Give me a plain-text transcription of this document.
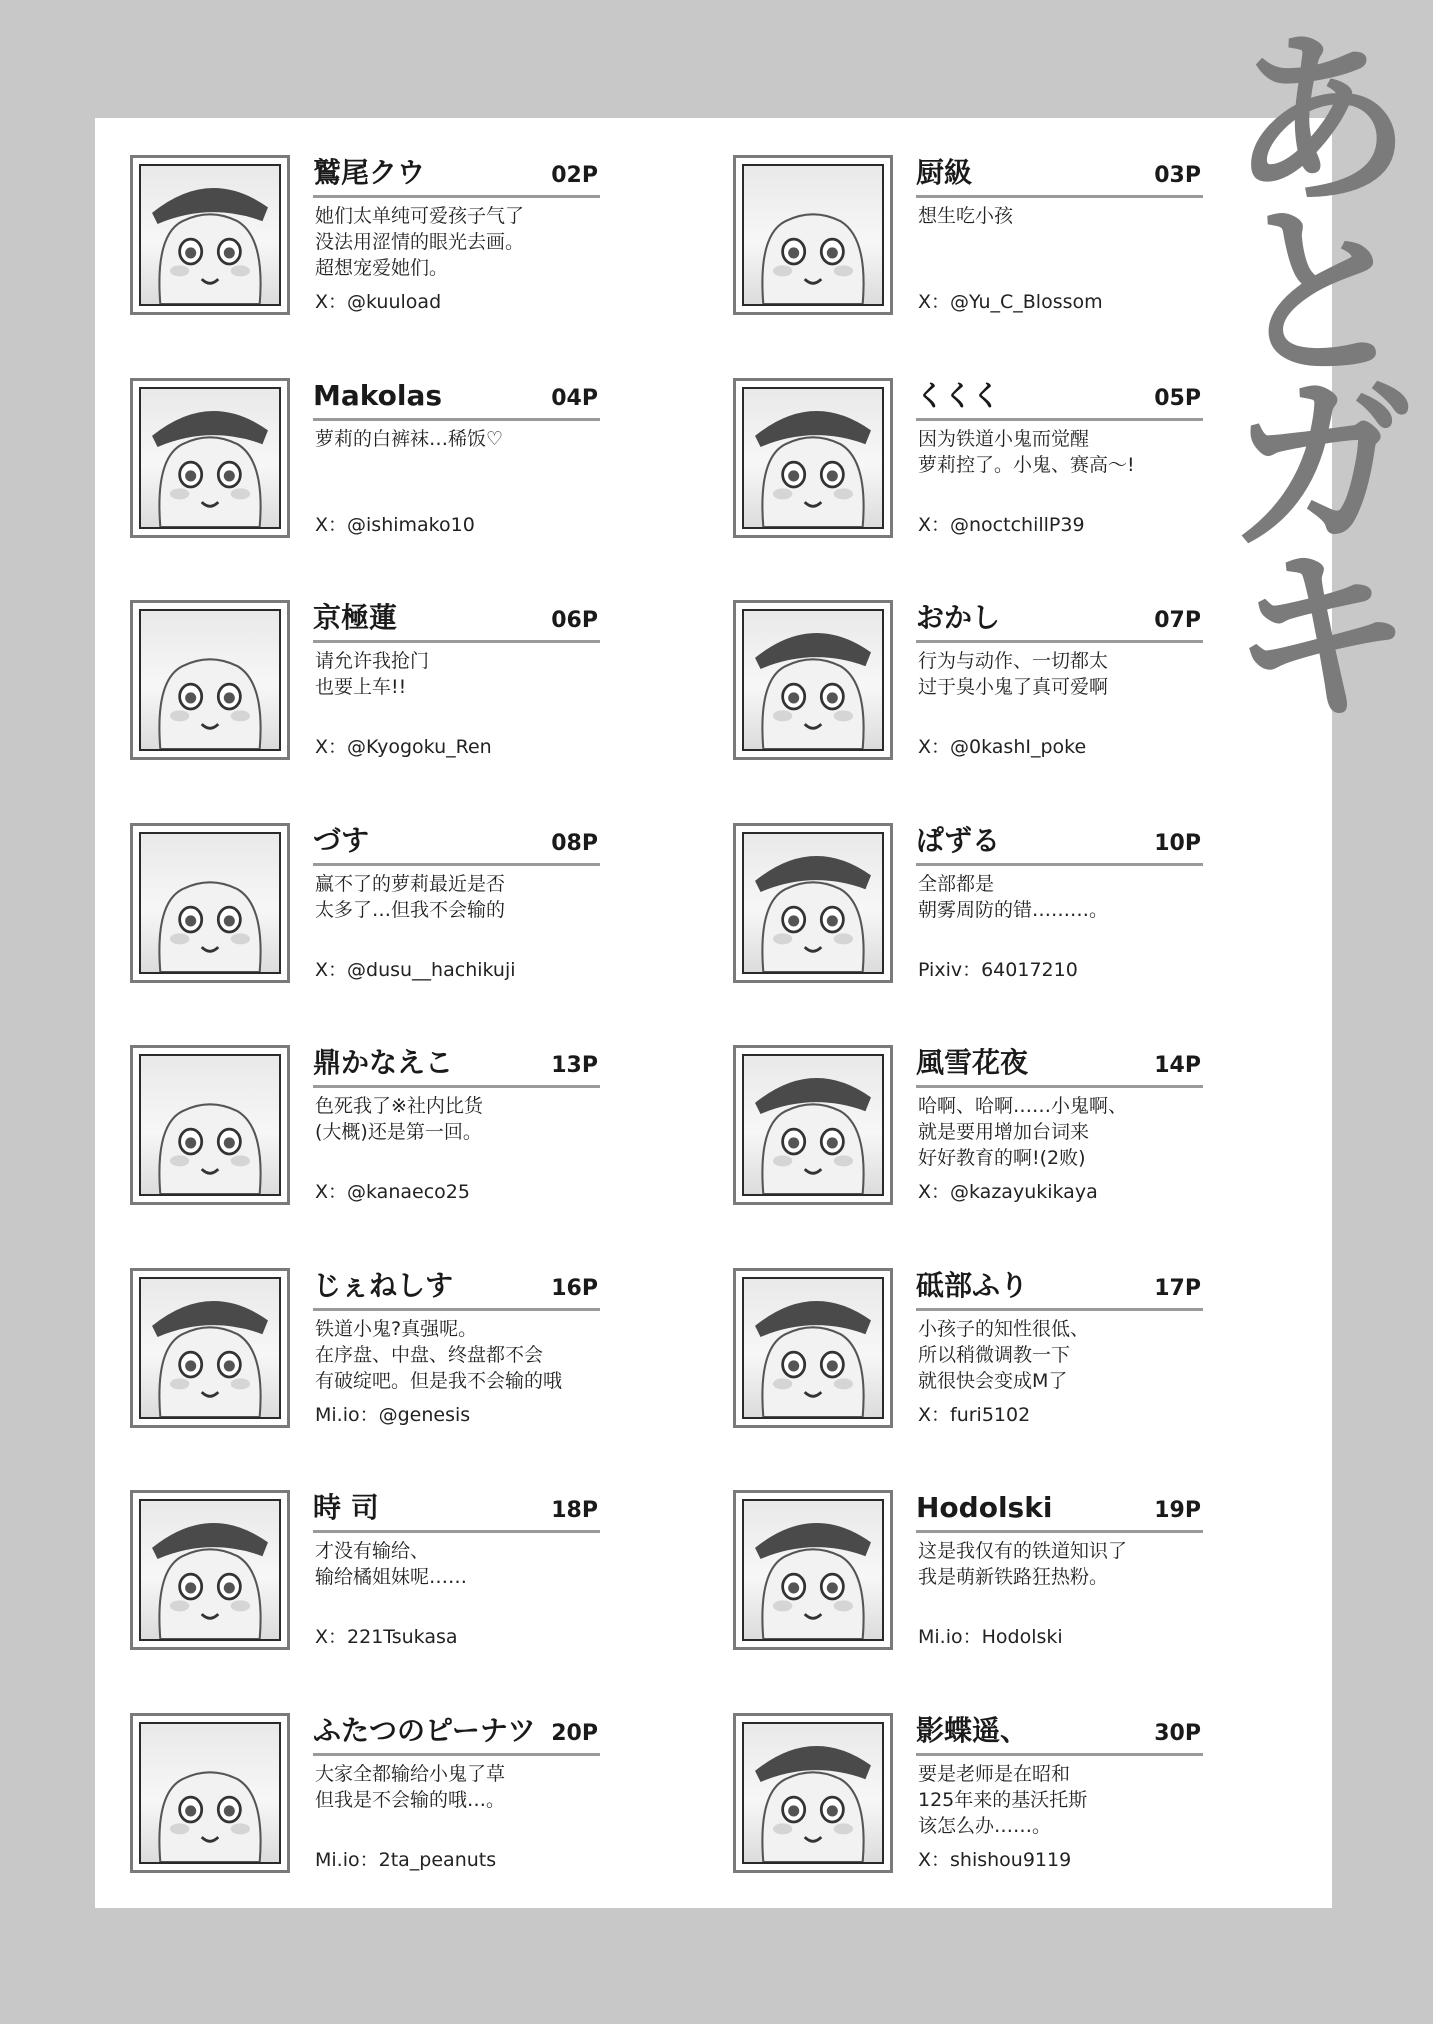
あとガキ
鷲尾クウ	02P
她们太单纯可爱孩子气了
没法用涩情的眼光去画。
超想宠爱她们。
X：@kuuload
厨級	03P
想生吃小孩
X：@Yu_C_Blossom
Makolas	04P
萝莉的白裤袜…稀饭♡
X：@ishimako10
くくく	05P
因为铁道小鬼而觉醒
萝莉控了。小鬼、赛高～!
X：@noctchillP39
京極蓮	06P
请允许我抢门
也要上车!!
X：@Kyogoku_Ren
おかし	07P
行为与动作、一切都太
过于臭小鬼了真可爱啊
X：@0kashI_poke
づす	08P
赢不了的萝莉最近是否
太多了…但我不会输的
X：@dusu__hachikuji
ぱずる	10P
全部都是
朝雾周防的错………。
Pixiv：64017210
鼎かなえこ	13P
色死我了※社内比货
(大概)还是第一回。
X：@kanaeco25
風雪花夜	14P
哈啊、哈啊……小鬼啊、
就是要用增加台词来
好好教育的啊!(2败)
X：@kazayukikaya
じぇねしす	16P
铁道小鬼?真强呢。
在序盘、中盘、终盘都不会
有破绽吧。但是我不会输的哦
Mi.io：@genesis
砥部ふり	17P
小孩子的知性很低、
所以稍微调教一下
就很快会变成M了
X：furi5102
時 司	18P
才没有输给、
输给橘姐妹呢……
X：221Tsukasa
Hodolski	19P
这是我仅有的铁道知识了
我是萌新铁路狂热粉。
Mi.io：Hodolski
ふたつのピーナツ 20P
大家全都输给小鬼了草
但我是不会输的哦…。
Mi.io：2ta_peanuts
影蝶遥、	30P
要是老师是在昭和
125年来的基沃托斯
该怎么办……。
X：shishou9119
